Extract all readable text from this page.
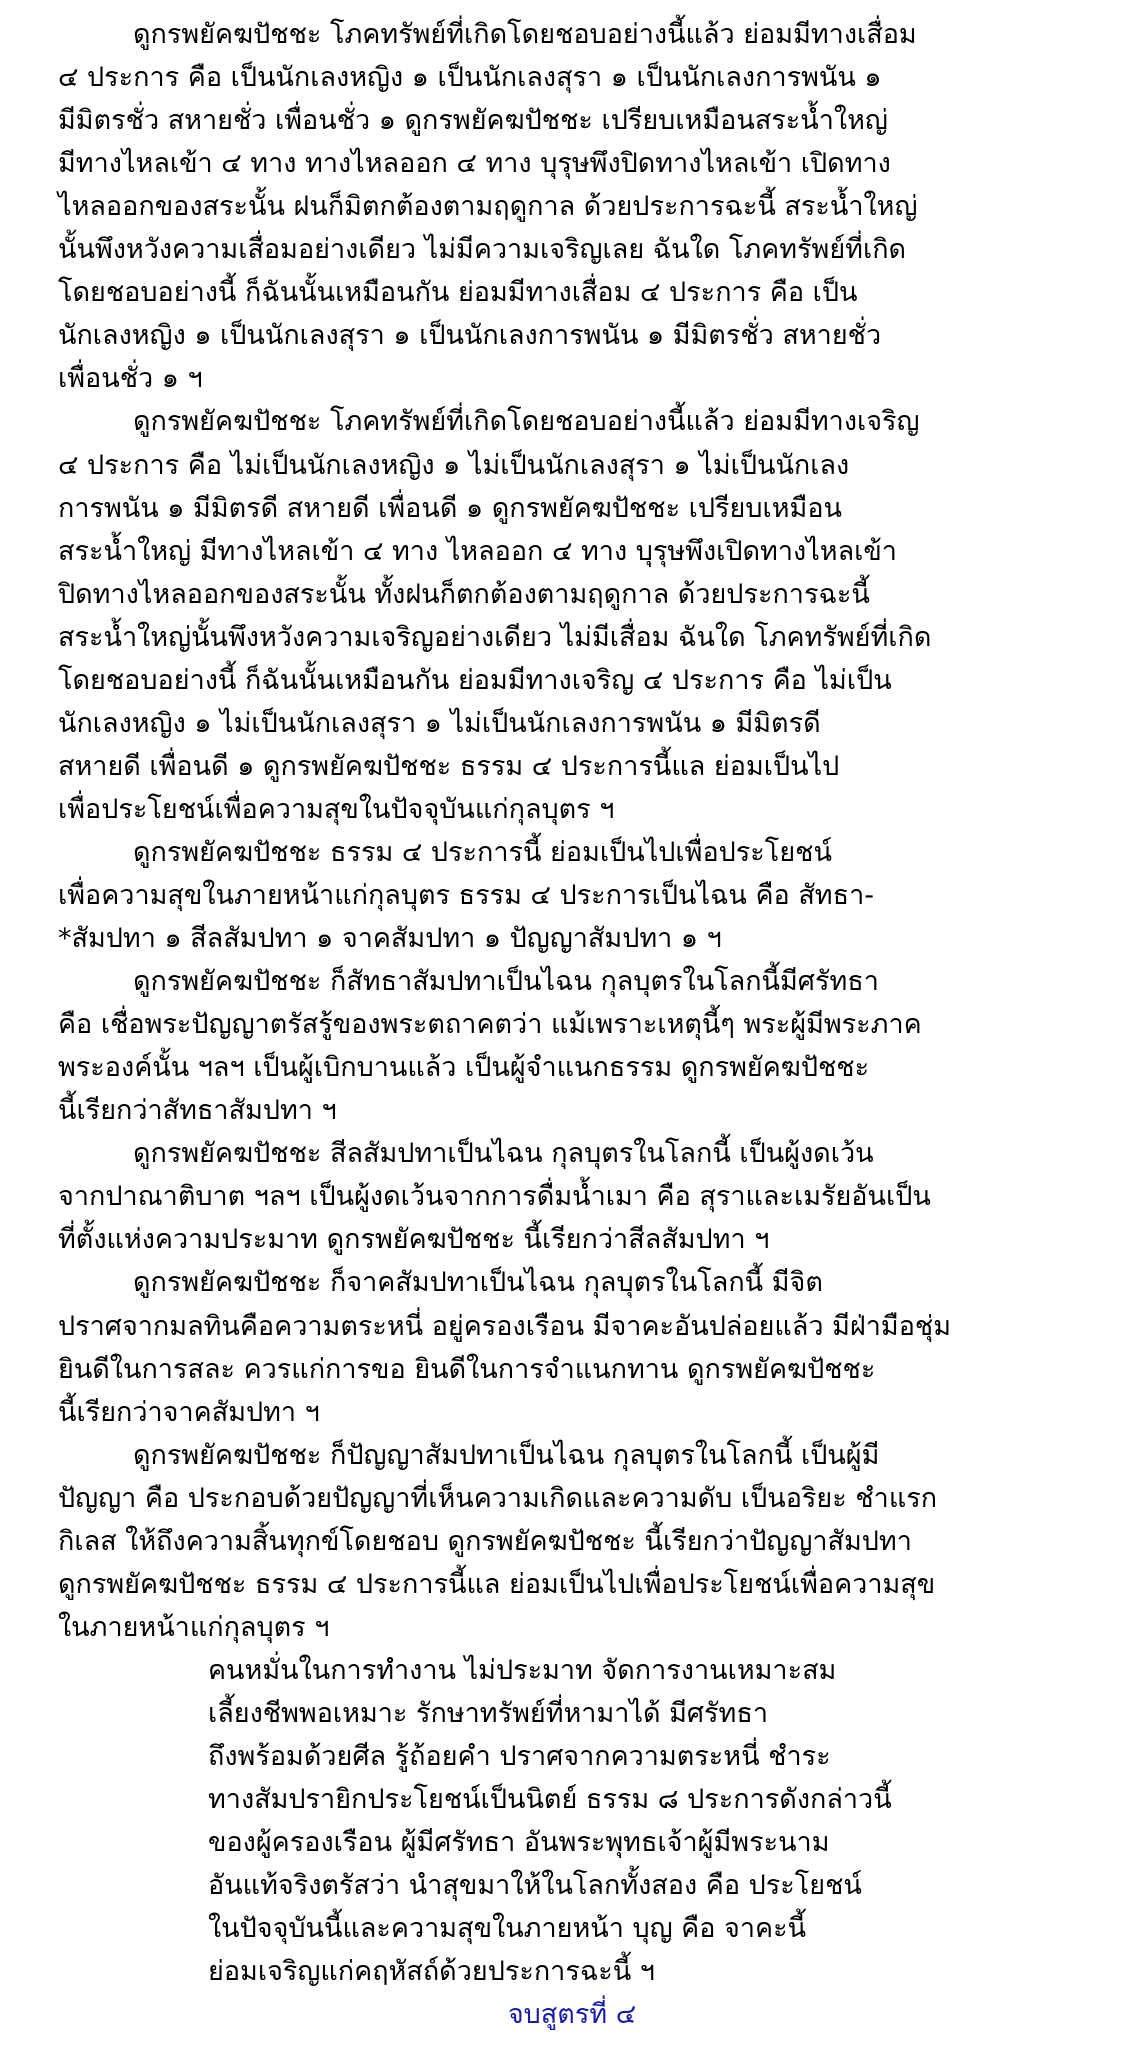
ดูกรพยัคฆปัชชะ โภคทรัพย์ที่เกิดโดยชอบอย่างนี้แล้ว ย่อมมีทางเสื่อม
๔ ประการ คือ เป็นนักเลงหญิง ๑ เป็นนักเลงสุรา ๑ เป็นนักเลงการพนัน ๑
มีมิตรชั่ว สหายชั่ว เพื่อนชั่ว ๑ ดูกรพยัคฆปัชชะ เปรียบเหมือนสระน้ำใหญ่
มีทางไหลเข้า ๔ ทาง ทางไหลออก ๔ ทาง บุรุษพึงปิดทางไหลเข้า เปิดทาง
ไหลออกของสระนั้น ฝนก็มิตกต้องตามฤดูกาล ด้วยประการฉะนี้ สระน้ำใหญ่
นั้นพึงหวังความเสื่อมอย่างเดียว ไม่มีความเจริญเลย ฉันใด โภคทรัพย์ที่เกิด
โดยชอบอย่างนี้ ก็ฉันนั้นเหมือนกัน ย่อมมีทางเสื่อม ๔ ประการ คือ เป็น
นักเลงหญิง ๑ เป็นนักเลงสุรา ๑ เป็นนักเลงการพนัน ๑ มีมิตรชั่ว สหายชั่ว
เพื่อนชั่ว ๑ ฯ
ดูกรพยัคฆปัชชะ โภคทรัพย์ที่เกิดโดยชอบอย่างนี้แล้ว ย่อมมีทางเจริญ
๔ ประการ คือ ไม่เป็นนักเลงหญิง ๑ ไม่เป็นนักเลงสุรา ๑ ไม่เป็นนักเลง
การพนัน ๑ มีมิตรดี สหายดี เพื่อนดี ๑ ดูกรพยัคฆปัชชะ เปรียบเหมือน
สระน้ำใหญ่ มีทางไหลเข้า ๔ ทาง ไหลออก ๔ ทาง บุรุษพึงเปิดทางไหลเข้า
ปิดทางไหลออกของสระนั้น ทั้งฝนก็ตกต้องตามฤดูกาล ด้วยประการฉะนี้
สระน้ำใหญ่นั้นพึงหวังความเจริญอย่างเดียว ไม่มีเสื่อม ฉันใด โภคทรัพย์ที่เกิด
โดยชอบอย่างนี้ ก็ฉันนั้นเหมือนกัน ย่อมมีทางเจริญ ๔ ประการ คือ ไม่เป็น
นักเลงหญิง ๑ ไม่เป็นนักเลงสุรา ๑ ไม่เป็นนักเลงการพนัน ๑ มีมิตรดี
สหายดี เพื่อนดี ๑ ดูกรพยัคฆปัชชะ ธรรม ๔ ประการนี้แล ย่อมเป็นไป
เพื่อประโยชน์เพื่อความสุขในปัจจุบันแก่กุลบุตร ฯ
ดูกรพยัคฆปัชชะ ธรรม ๔ ประการนี้ ย่อมเป็นไปเพื่อประโยชน์
เพื่อความสุขในภายหน้าแก่กุลบุตร ธรรม ๔ ประการเป็นไฉน คือ สัทธา-
*สัมปทา ๑ สีลสัมปทา ๑ จาคสัมปทา ๑ ปัญญาสัมปทา ๑ ฯ
ดูกรพยัคฆปัชชะ ก็สัทธาสัมปทาเป็นไฉน กุลบุตรในโลกนี้มีศรัทธา
คือ เชื่อพระปัญญาตรัสรู้ของพระตถาคตว่า แม้เพราะเหตุนี้ๆ พระผู้มีพระภาค
พระองค์นั้น ฯลฯ เป็นผู้เบิกบานแล้ว เป็นผู้จำแนกธรรม ดูกรพยัคฆปัชชะ
นี้เรียกว่าสัทธาสัมปทา ฯ
ดูกรพยัคฆปัชชะ สีลสัมปทาเป็นไฉน กุลบุตรในโลกนี้ เป็นผู้งดเว้น
จากปาณาติบาต ฯลฯ เป็นผู้งดเว้นจากการดื่มน้ำเมา คือ สุราและเมรัยอันเป็น
ที่ตั้งแห่งความประมาท ดูกรพยัคฆปัชชะ นี้เรียกว่าสีลสัมปทา ฯ
ดูกรพยัคฆปัชชะ ก็จาคสัมปทาเป็นไฉน กุลบุตรในโลกนี้ มีจิต
ปราศจากมลทินคือความตระหนี่ อยู่ครองเรือน มีจาคะอันปล่อยแล้ว มีฝ่ามือชุ่ม
ยินดีในการสละ ควรแก่การขอ ยินดีในการจำแนกทาน ดูกรพยัคฆปัชชะ
นี้เรียกว่าจาคสัมปทา ฯ
ดูกรพยัคฆปัชชะ ก็ปัญญาสัมปทาเป็นไฉน กุลบุตรในโลกนี้ เป็นผู้มี
ปัญญา คือ ประกอบด้วยปัญญาที่เห็นความเกิดและความดับ เป็นอริยะ ชำแรก
กิเลส ให้ถึงความสิ้นทุกข์โดยชอบ ดูกรพยัคฆปัชชะ นี้เรียกว่าปัญญาสัมปทา
ดูกรพยัคฆปัชชะ ธรรม ๔ ประการนี้แล ย่อมเป็นไปเพื่อประโยชน์เพื่อความสุข
ในภายหน้าแก่กุลบุตร ฯ
คนหมั่นในการทำงาน ไม่ประมาท จัดการงานเหมาะสม
เลี้ยงชีพพอเหมาะ รักษาทรัพย์ที่หามาได้ มีศรัทธา
ถึงพร้อมด้วยศีล รู้ถ้อยคำ ปราศจากความตระหนี่ ชำระ
ทางสัมปรายิกประโยชน์เป็นนิตย์ ธรรม ๘ ประการดังกล่าวนี้
ของผู้ครองเรือน ผู้มีศรัทธา อันพระพุทธเจ้าผู้มีพระนาม
อันแท้จริงตรัสว่า นำสุขมาให้ในโลกทั้งสอง คือ ประโยชน์
ในปัจจุบันนี้และความสุขในภายหน้า บุญ คือ จาคะนี้
ย่อมเจริญแก่คฤหัสถ์ด้วยประการฉะนี้ ฯ
จบสูตรที่ ๔
